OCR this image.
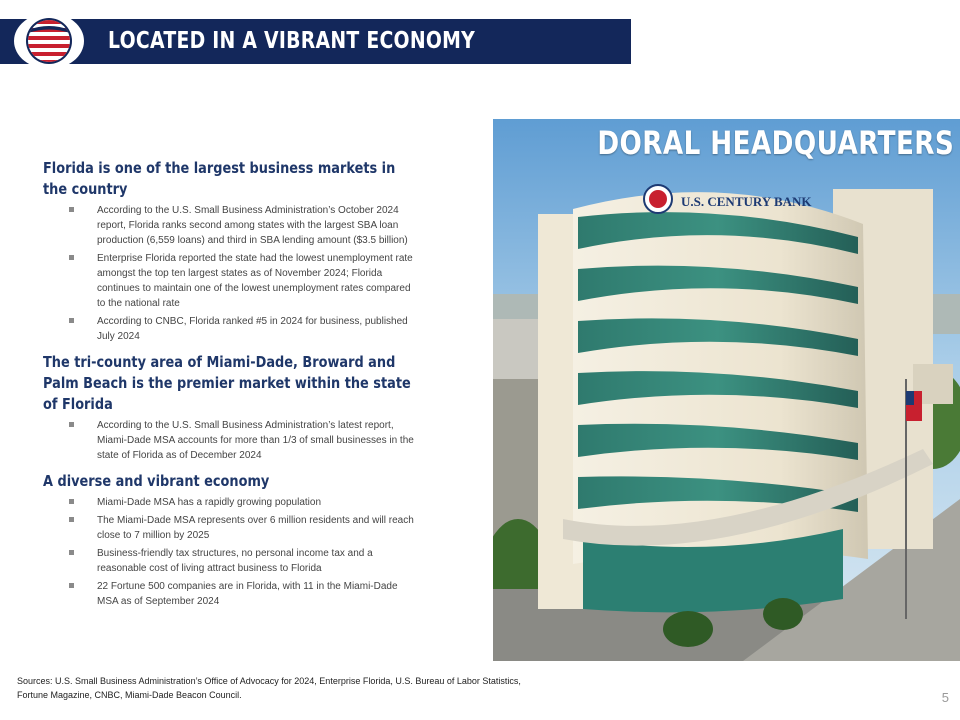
LOCATED IN A VIBRANT ECONOMY
Florida is one of the largest business markets in the country
According to the U.S. Small Business Administration’s October 2024 report, Florida ranks second among states with the largest SBA loan production (6,559 loans) and third in SBA lending amount ($3.5 billion)
Enterprise Florida reported the state had the lowest unemployment rate amongst the top ten largest states as of November 2024; Florida continues to maintain one of the lowest unemployment rates compared to the national rate
According to CNBC, Florida ranked #5 in 2024 for business, published July 2024
The tri-county area of Miami-Dade, Broward and Palm Beach is the premier market within the state of Florida
According to the U.S. Small Business Administration’s latest report, Miami-Dade MSA accounts for more than 1/3 of small businesses in the state of Florida as of December 2024
A diverse and vibrant economy
Miami-Dade MSA has a rapidly growing population
The Miami-Dade MSA represents over 6 million residents and will reach close to 7 million by 2025
Business-friendly tax structures, no personal income tax and a reasonable cost of living attract business to Florida
22 Fortune 500 companies are in Florida, with 11 in the Miami-Dade MSA as of September 2024
U.S. CENTURY BANK
DORAL HEADQUARTERS
Sources: U.S. Small Business Administration’s Office of Advocacy for 2024, Enterprise Florida, U.S. Bureau of Labor Statistics, Fortune Magazine, CNBC, Miami-Dade Beacon Council.	5
